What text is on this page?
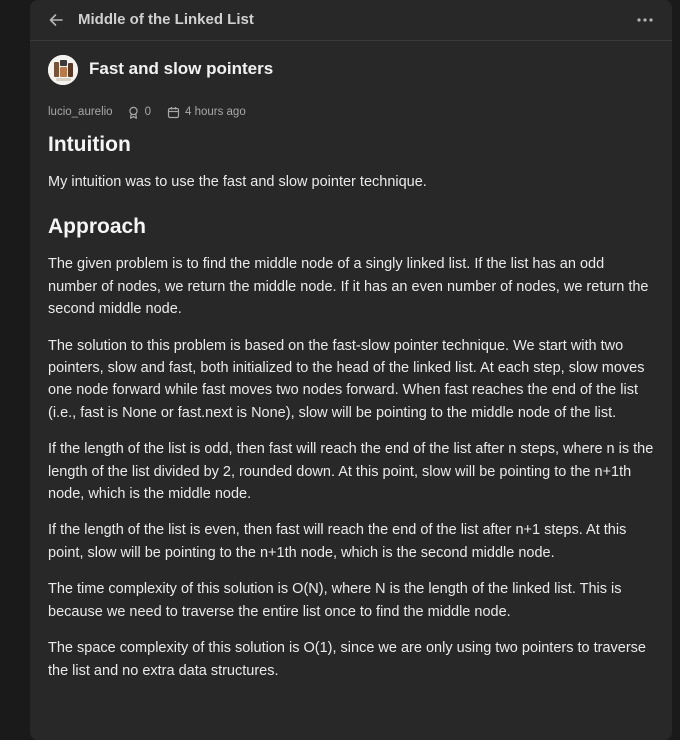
Middle of the Linked List
Fast and slow pointers
lucio_aurelio	0	4 hours ago
Intuition

My intuition was to use the fast and slow pointer technique.

Approach

The given problem is to find the middle node of a singly linked list. If the list has an odd number of nodes, we return the middle node. If it has an even number of nodes, we return the second middle node.

The solution to this problem is based on the fast-slow pointer technique. We start with two pointers, slow and fast, both initialized to the head of the linked list. At each step, slow moves one node forward while fast moves two nodes forward. When fast reaches the end of the list (i.e., fast is None or fast.next is None), slow will be pointing to the middle node of the list.

If the length of the list is odd, then fast will reach the end of the list after n steps, where n is the length of the list divided by 2, rounded down. At this point, slow will be pointing to the n+1th node, which is the middle node.

If the length of the list is even, then fast will reach the end of the list after n+1 steps. At this point, slow will be pointing to the n+1th node, which is the second middle node.

The time complexity of this solution is O(N), where N is the length of the linked list. This is because we need to traverse the entire list once to find the middle node.

The space complexity of this solution is O(1), since we are only using two pointers to traverse the list and no extra data structures.
